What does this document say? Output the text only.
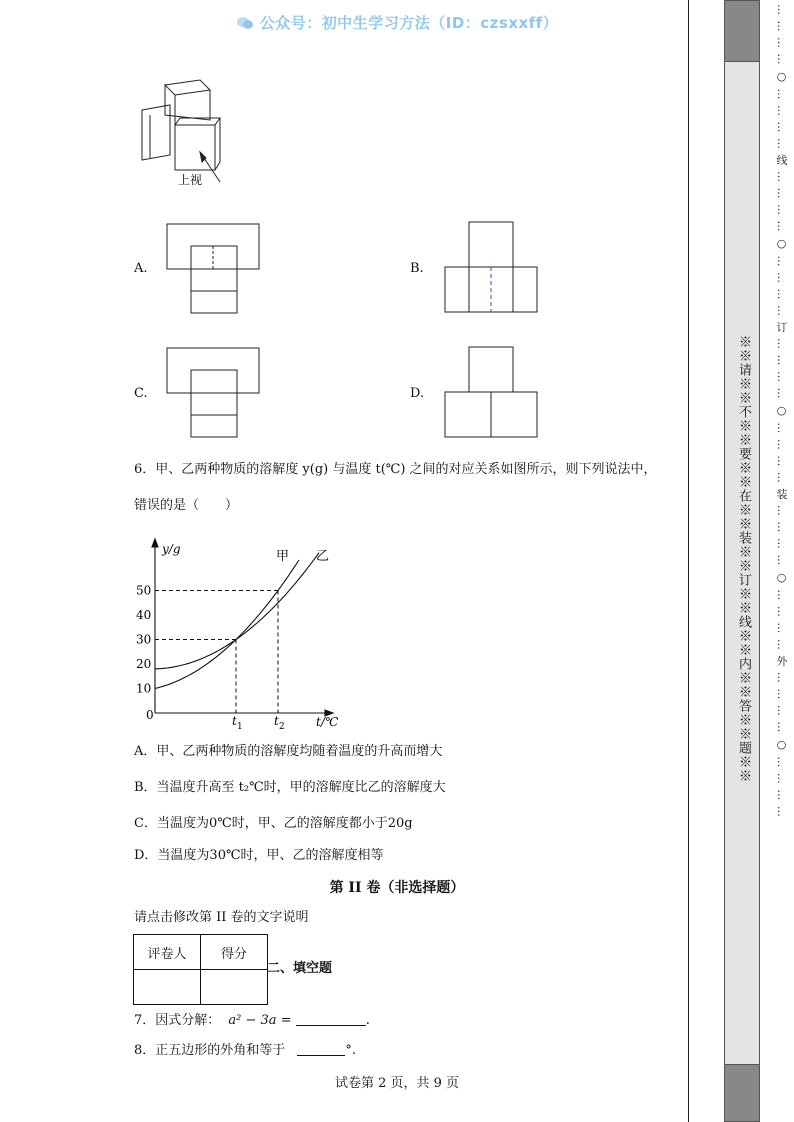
公众号：初中生学习方法（ID：czsxxff）
上视
A.	B.
C.	D.
6．甲、乙两种物质的溶解度 y(g) 与温度 t(℃) 之间的对应关系如图所示，则下列说法中，
错误的是（　　）
10
20
30
40
50
t 1	t 2
甲 乙
y/g
t/℃
0
A．甲、乙两种物质的溶解度均随着温度的升高而增大
B．当温度升高至 t₂℃时，甲的溶解度比乙的溶解度大
C．当温度为0℃时，甲、乙的溶解度都小于20g
D．当温度为30℃时，甲、乙的溶解度相等
第 II 卷（非选择题）
请点击修改第 II 卷的文字说明
评卷人	得分

二、填空题
7．因式分解： a² − 3a =	.
8．正五边形的外角和等于	°.
试卷第 2 页，共 9 页
※※请※※不※※要※※在※※装※※订※※线※※内※※答※※题※※
… … … … ○ … … … … 线 … … … … ○ … … … … 订 … … … … ○ … … … … 装 … … … … ○ … … … … 外 … … … … ○ … … … …
